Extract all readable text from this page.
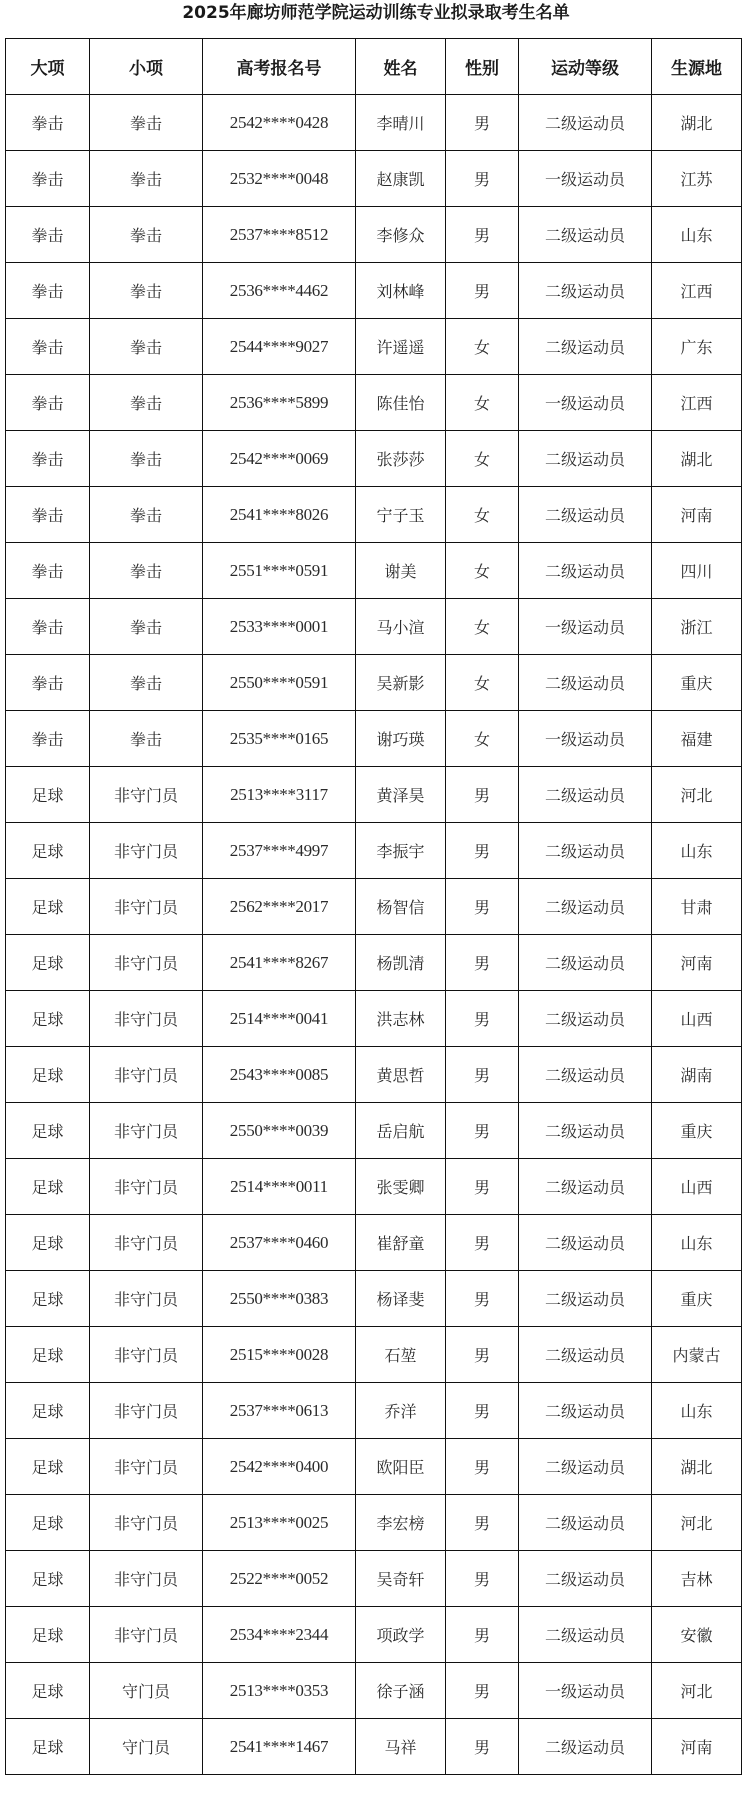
2025年廊坊师范学院运动训练专业拟录取考生名单
大项	小项	高考报名号	姓名	性别	运动等级	生源地
拳击	拳击	2542****0428	李晴川	男	二级运动员	湖北
拳击	拳击	2532****0048	赵康凯	男	一级运动员	江苏
拳击	拳击	2537****8512	李修众	男	二级运动员	山东
拳击	拳击	2536****4462	刘林峰	男	二级运动员	江西
拳击	拳击	2544****9027	许遥遥	女	二级运动员	广东
拳击	拳击	2536****5899	陈佳怡	女	一级运动员	江西
拳击	拳击	2542****0069	张莎莎	女	二级运动员	湖北
拳击	拳击	2541****8026	宁子玉	女	二级运动员	河南
拳击	拳击	2551****0591	谢美	女	二级运动员	四川
拳击	拳击	2533****0001	马小渲	女	一级运动员	浙江
拳击	拳击	2550****0591	吴新影	女	二级运动员	重庆
拳击	拳击	2535****0165	谢巧瑛	女	一级运动员	福建
足球	非守门员	2513****3117	黄泽昊	男	二级运动员	河北
足球	非守门员	2537****4997	李振宇	男	二级运动员	山东
足球	非守门员	2562****2017	杨智信	男	二级运动员	甘肃
足球	非守门员	2541****8267	杨凯清	男	二级运动员	河南
足球	非守门员	2514****0041	洪志林	男	二级运动员	山西
足球	非守门员	2543****0085	黄思哲	男	二级运动员	湖南
足球	非守门员	2550****0039	岳启航	男	二级运动员	重庆
足球	非守门员	2514****0011	张雯卿	男	二级运动员	山西
足球	非守门员	2537****0460	崔舒童	男	二级运动员	山东
足球	非守门员	2550****0383	杨译斐	男	二级运动员	重庆
足球	非守门员	2515****0028	石堃	男	二级运动员	内蒙古
足球	非守门员	2537****0613	乔洋	男	二级运动员	山东
足球	非守门员	2542****0400	欧阳臣	男	二级运动员	湖北
足球	非守门员	2513****0025	李宏榜	男	二级运动员	河北
足球	非守门员	2522****0052	吴奇轩	男	二级运动员	吉林
足球	非守门员	2534****2344	项政学	男	二级运动员	安徽
足球	守门员	2513****0353	徐子涵	男	一级运动员	河北
足球	守门员	2541****1467	马祥	男	二级运动员	河南
